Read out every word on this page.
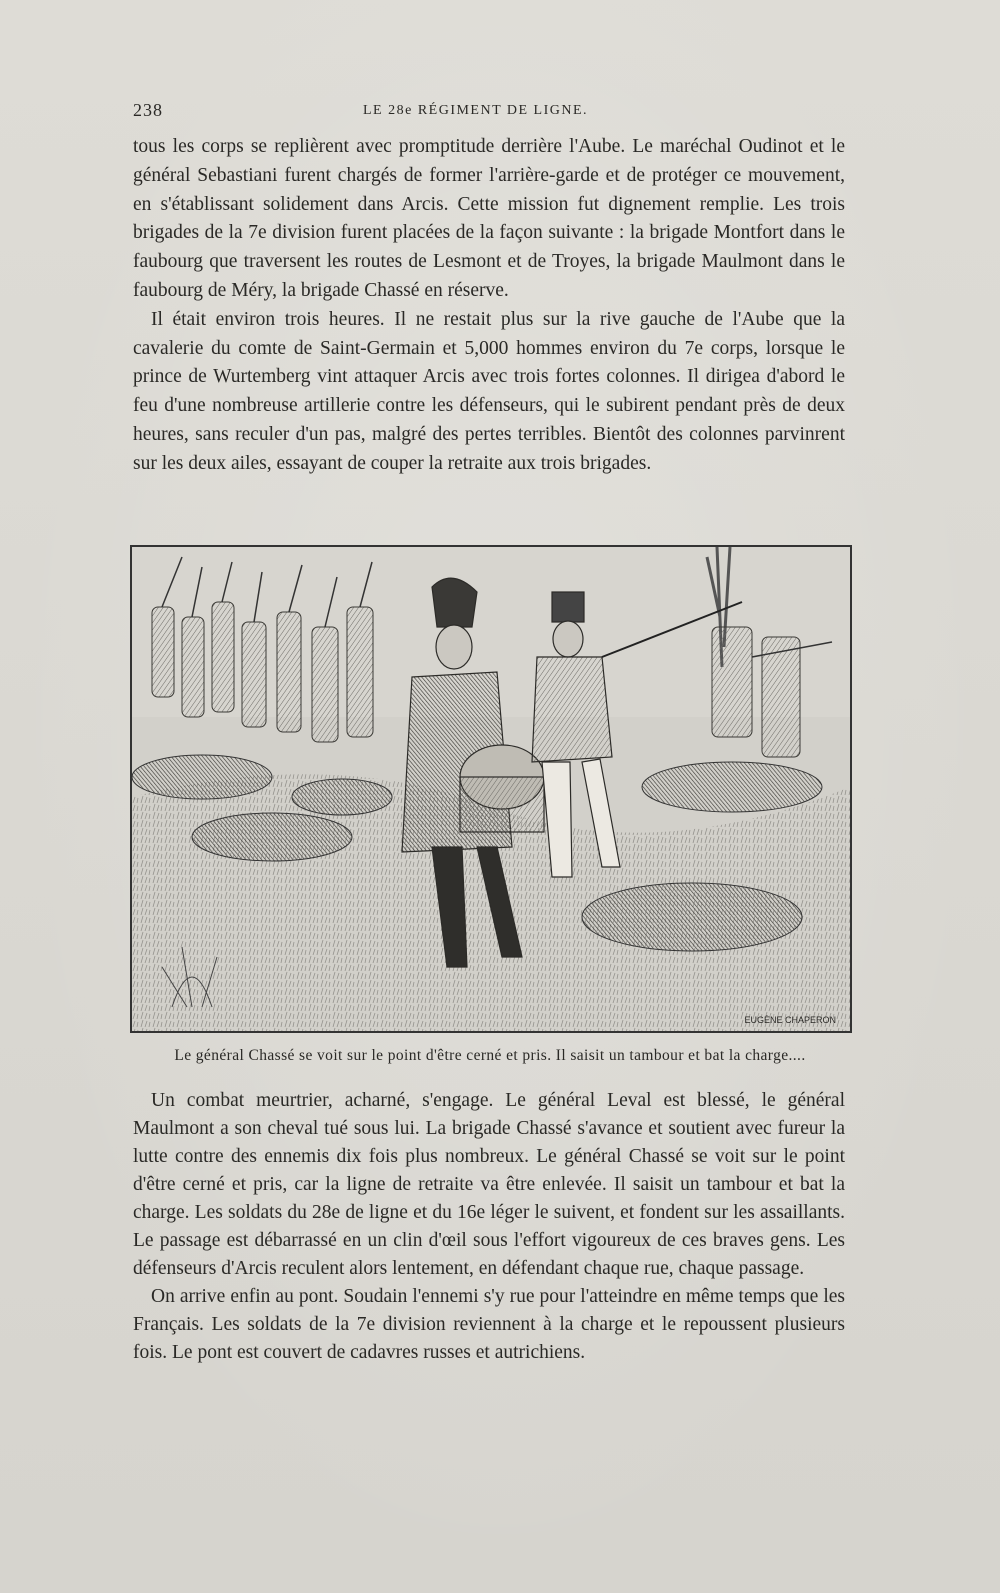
238	LE 28e RÉGIMENT DE LIGNE.

tous les corps se replièrent avec promptitude derrière l'Aube. Le maréchal Oudinot et le général Sebastiani furent chargés de former l'arrière-garde et de protéger ce mouvement, en s'établissant solidement dans Arcis. Cette mission fut dignement remplie. Les trois brigades de la 7e division furent placées de la façon suivante : la brigade Montfort dans le faubourg que traversent les routes de Lesmont et de Troyes, la brigade Maulmont dans le faubourg de Méry, la brigade Chassé en réserve.

Il était environ trois heures. Il ne restait plus sur la rive gauche de l'Aube que la cavalerie du comte de Saint-Germain et 5,000 hommes environ du 7e corps, lorsque le prince de Wurtemberg vint attaquer Arcis avec trois fortes colonnes. Il dirigea d'abord le feu d'une nombreuse artillerie contre les défenseurs, qui le subirent pendant près de deux heures, sans reculer d'un pas, malgré des pertes terribles. Bientôt des colonnes parvinrent sur les deux ailes, essayant de couper la retraite aux trois brigades.

EUGÈNE CHAPERON
Le général Chassé se voit sur le point d'être cerné et pris. Il saisit un tambour et bat la charge....

Un combat meurtrier, acharné, s'engage. Le général Leval est blessé, le général Maulmont a son cheval tué sous lui. La brigade Chassé s'avance et soutient avec fureur la lutte contre des ennemis dix fois plus nombreux. Le général Chassé se voit sur le point d'être cerné et pris, car la ligne de retraite va être enlevée. Il saisit un tambour et bat la charge. Les soldats du 28e de ligne et du 16e léger le suivent, et fondent sur les assaillants. Le passage est débarrassé en un clin d'œil sous l'effort vigoureux de ces braves gens. Les défenseurs d'Arcis reculent alors lentement, en défendant chaque rue, chaque passage.

On arrive enfin au pont. Soudain l'ennemi s'y rue pour l'atteindre en même temps que les Français. Les soldats de la 7e division reviennent à la charge et le repoussent plusieurs fois. Le pont est couvert de cadavres russes et autrichiens.
